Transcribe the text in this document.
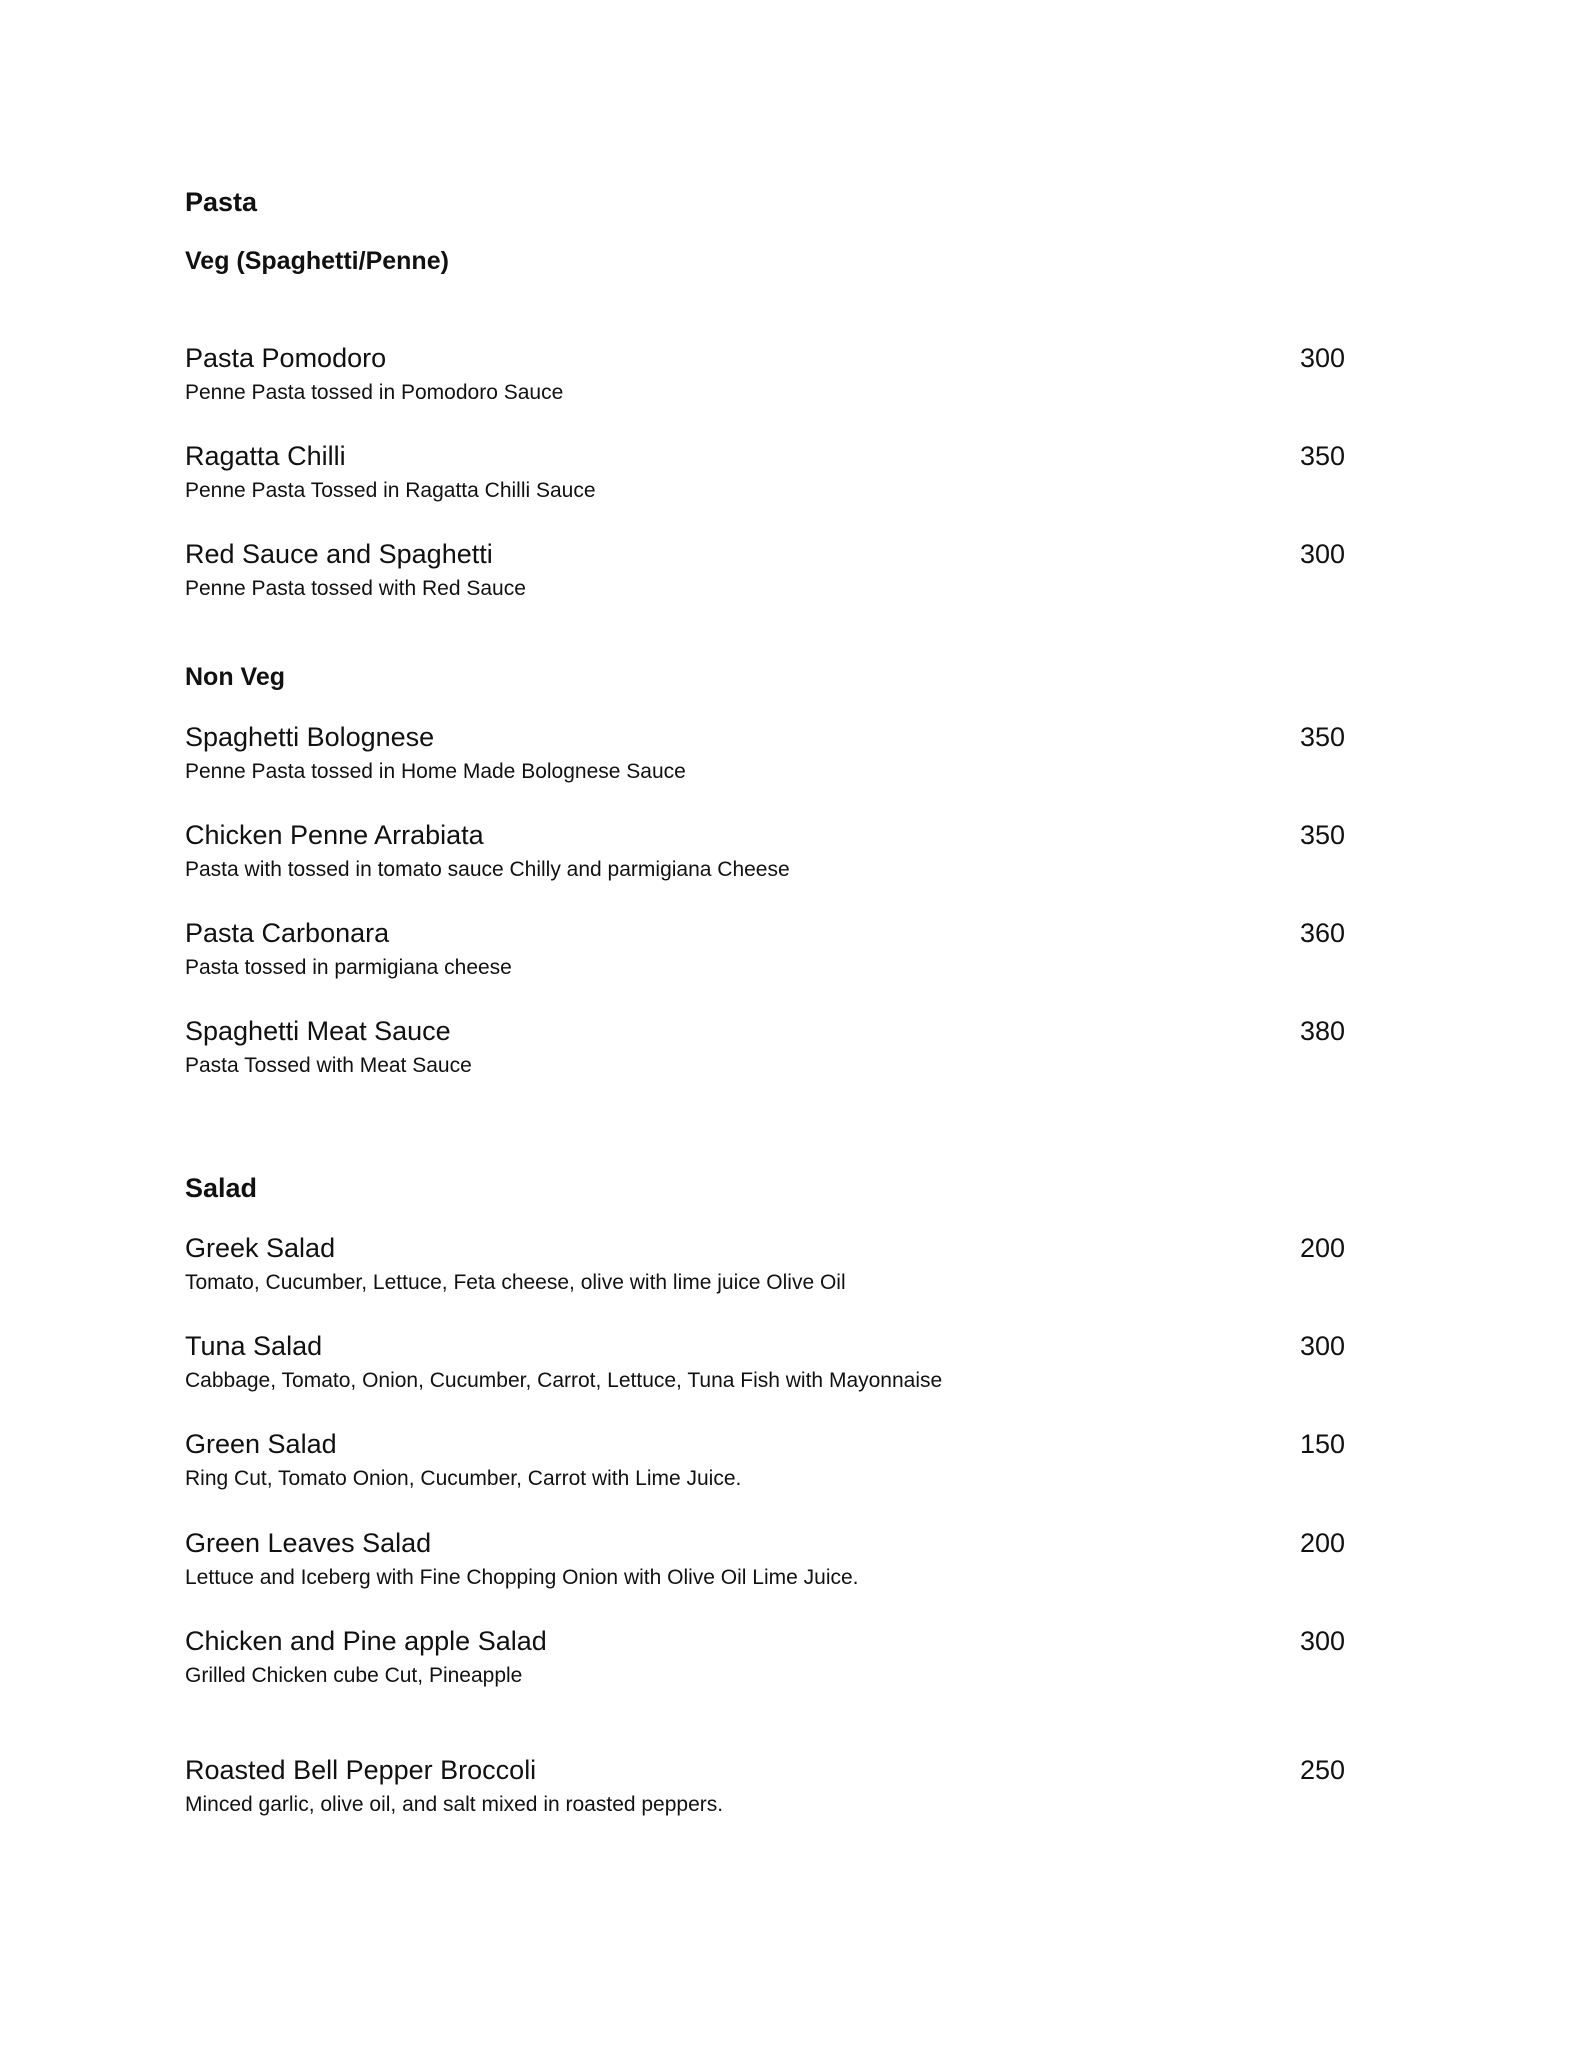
Pasta
Veg (Spaghetti/Penne)
Pasta Pomodoro	300
Penne Pasta tossed in Pomodoro Sauce
Ragatta Chilli	350
Penne Pasta Tossed in Ragatta Chilli Sauce
Red Sauce and Spaghetti	300
Penne Pasta tossed with Red Sauce
Non Veg
Spaghetti Bolognese	350
Penne Pasta tossed in Home Made Bolognese Sauce
Chicken Penne Arrabiata	350
Pasta with tossed in tomato sauce Chilly and parmigiana Cheese
Pasta Carbonara	360
Pasta tossed in parmigiana cheese
Spaghetti Meat Sauce	380
Pasta Tossed with Meat Sauce
Salad
Greek Salad	200
Tomato, Cucumber, Lettuce, Feta cheese, olive with lime juice Olive Oil
Tuna Salad	300
Cabbage, Tomato, Onion, Cucumber, Carrot, Lettuce, Tuna Fish with Mayonnaise
Green Salad	150
Ring Cut, Tomato Onion, Cucumber, Carrot with Lime Juice.
Green Leaves Salad	200
Lettuce and Iceberg with Fine Chopping Onion with Olive Oil Lime Juice.
Chicken and Pine apple Salad	300
Grilled Chicken cube Cut, Pineapple
Roasted Bell Pepper Broccoli	250
Minced garlic, olive oil, and salt mixed in roasted peppers.
